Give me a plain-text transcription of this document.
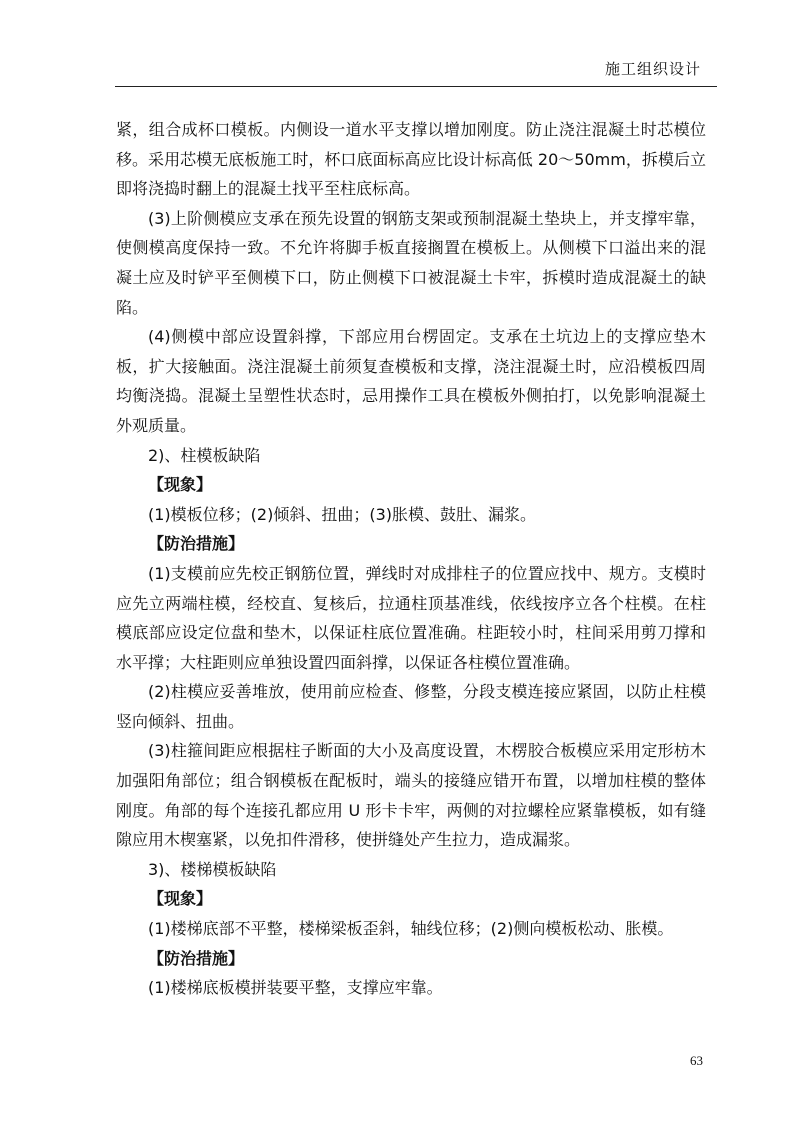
施工组织设计

紧，组合成杯口模板。内侧设一道水平支撑以增加刚度。防止浇注混凝土时芯模位移。采用芯模无底板施工时，杯口底面标高应比设计标高低 20～50mm，拆模后立即将浇捣时翻上的混凝土找平至柱底标高。

(3)上阶侧模应支承在预先设置的钢筋支架或预制混凝土垫块上，并支撑牢靠，使侧模高度保持一致。不允许将脚手板直接搁置在模板上。从侧模下口溢出来的混凝土应及时铲平至侧模下口，防止侧模下口被混凝土卡牢，拆模时造成混凝土的缺陷。

(4)侧模中部应设置斜撑，下部应用台楞固定。支承在土坑边上的支撑应垫木板，扩大接触面。浇注混凝土前须复查模板和支撑，浇注混凝土时，应沿模板四周均衡浇捣。混凝土呈塑性状态时，忌用操作工具在模板外侧拍打，以免影响混凝土外观质量。

2)、柱模板缺陷

【现象】

(1)模板位移；(2)倾斜、扭曲；(3)胀模、鼓肚、漏浆。

【防治措施】

(1)支模前应先校正钢筋位置，弹线时对成排柱子的位置应找中、规方。支模时应先立两端柱模，经校直、复核后，拉通柱顶基准线，依线按序立各个柱模。在柱模底部应设定位盘和垫木，以保证柱底位置准确。柱距较小时，柱间采用剪刀撑和水平撑；大柱距则应单独设置四面斜撑，以保证各柱模位置准确。

(2)柱模应妥善堆放，使用前应检查、修整，分段支模连接应紧固，以防止柱模竖向倾斜、扭曲。

(3)柱箍间距应根据柱子断面的大小及高度设置，木楞胶合板模应采用定形枋木加强阳角部位；组合钢模板在配板时，端头的接缝应错开布置，以增加柱模的整体刚度。角部的每个连接孔都应用 U 形卡卡牢，两侧的对拉螺栓应紧靠模板，如有缝隙应用木楔塞紧，以免扣件滑移，使拼缝处产生拉力，造成漏浆。

3)、楼梯模板缺陷

【现象】

(1)楼梯底部不平整，楼梯梁板歪斜，轴线位移；(2)侧向模板松动、胀模。

【防治措施】

(1)楼梯底板模拼装要平整，支撑应牢靠。

63
